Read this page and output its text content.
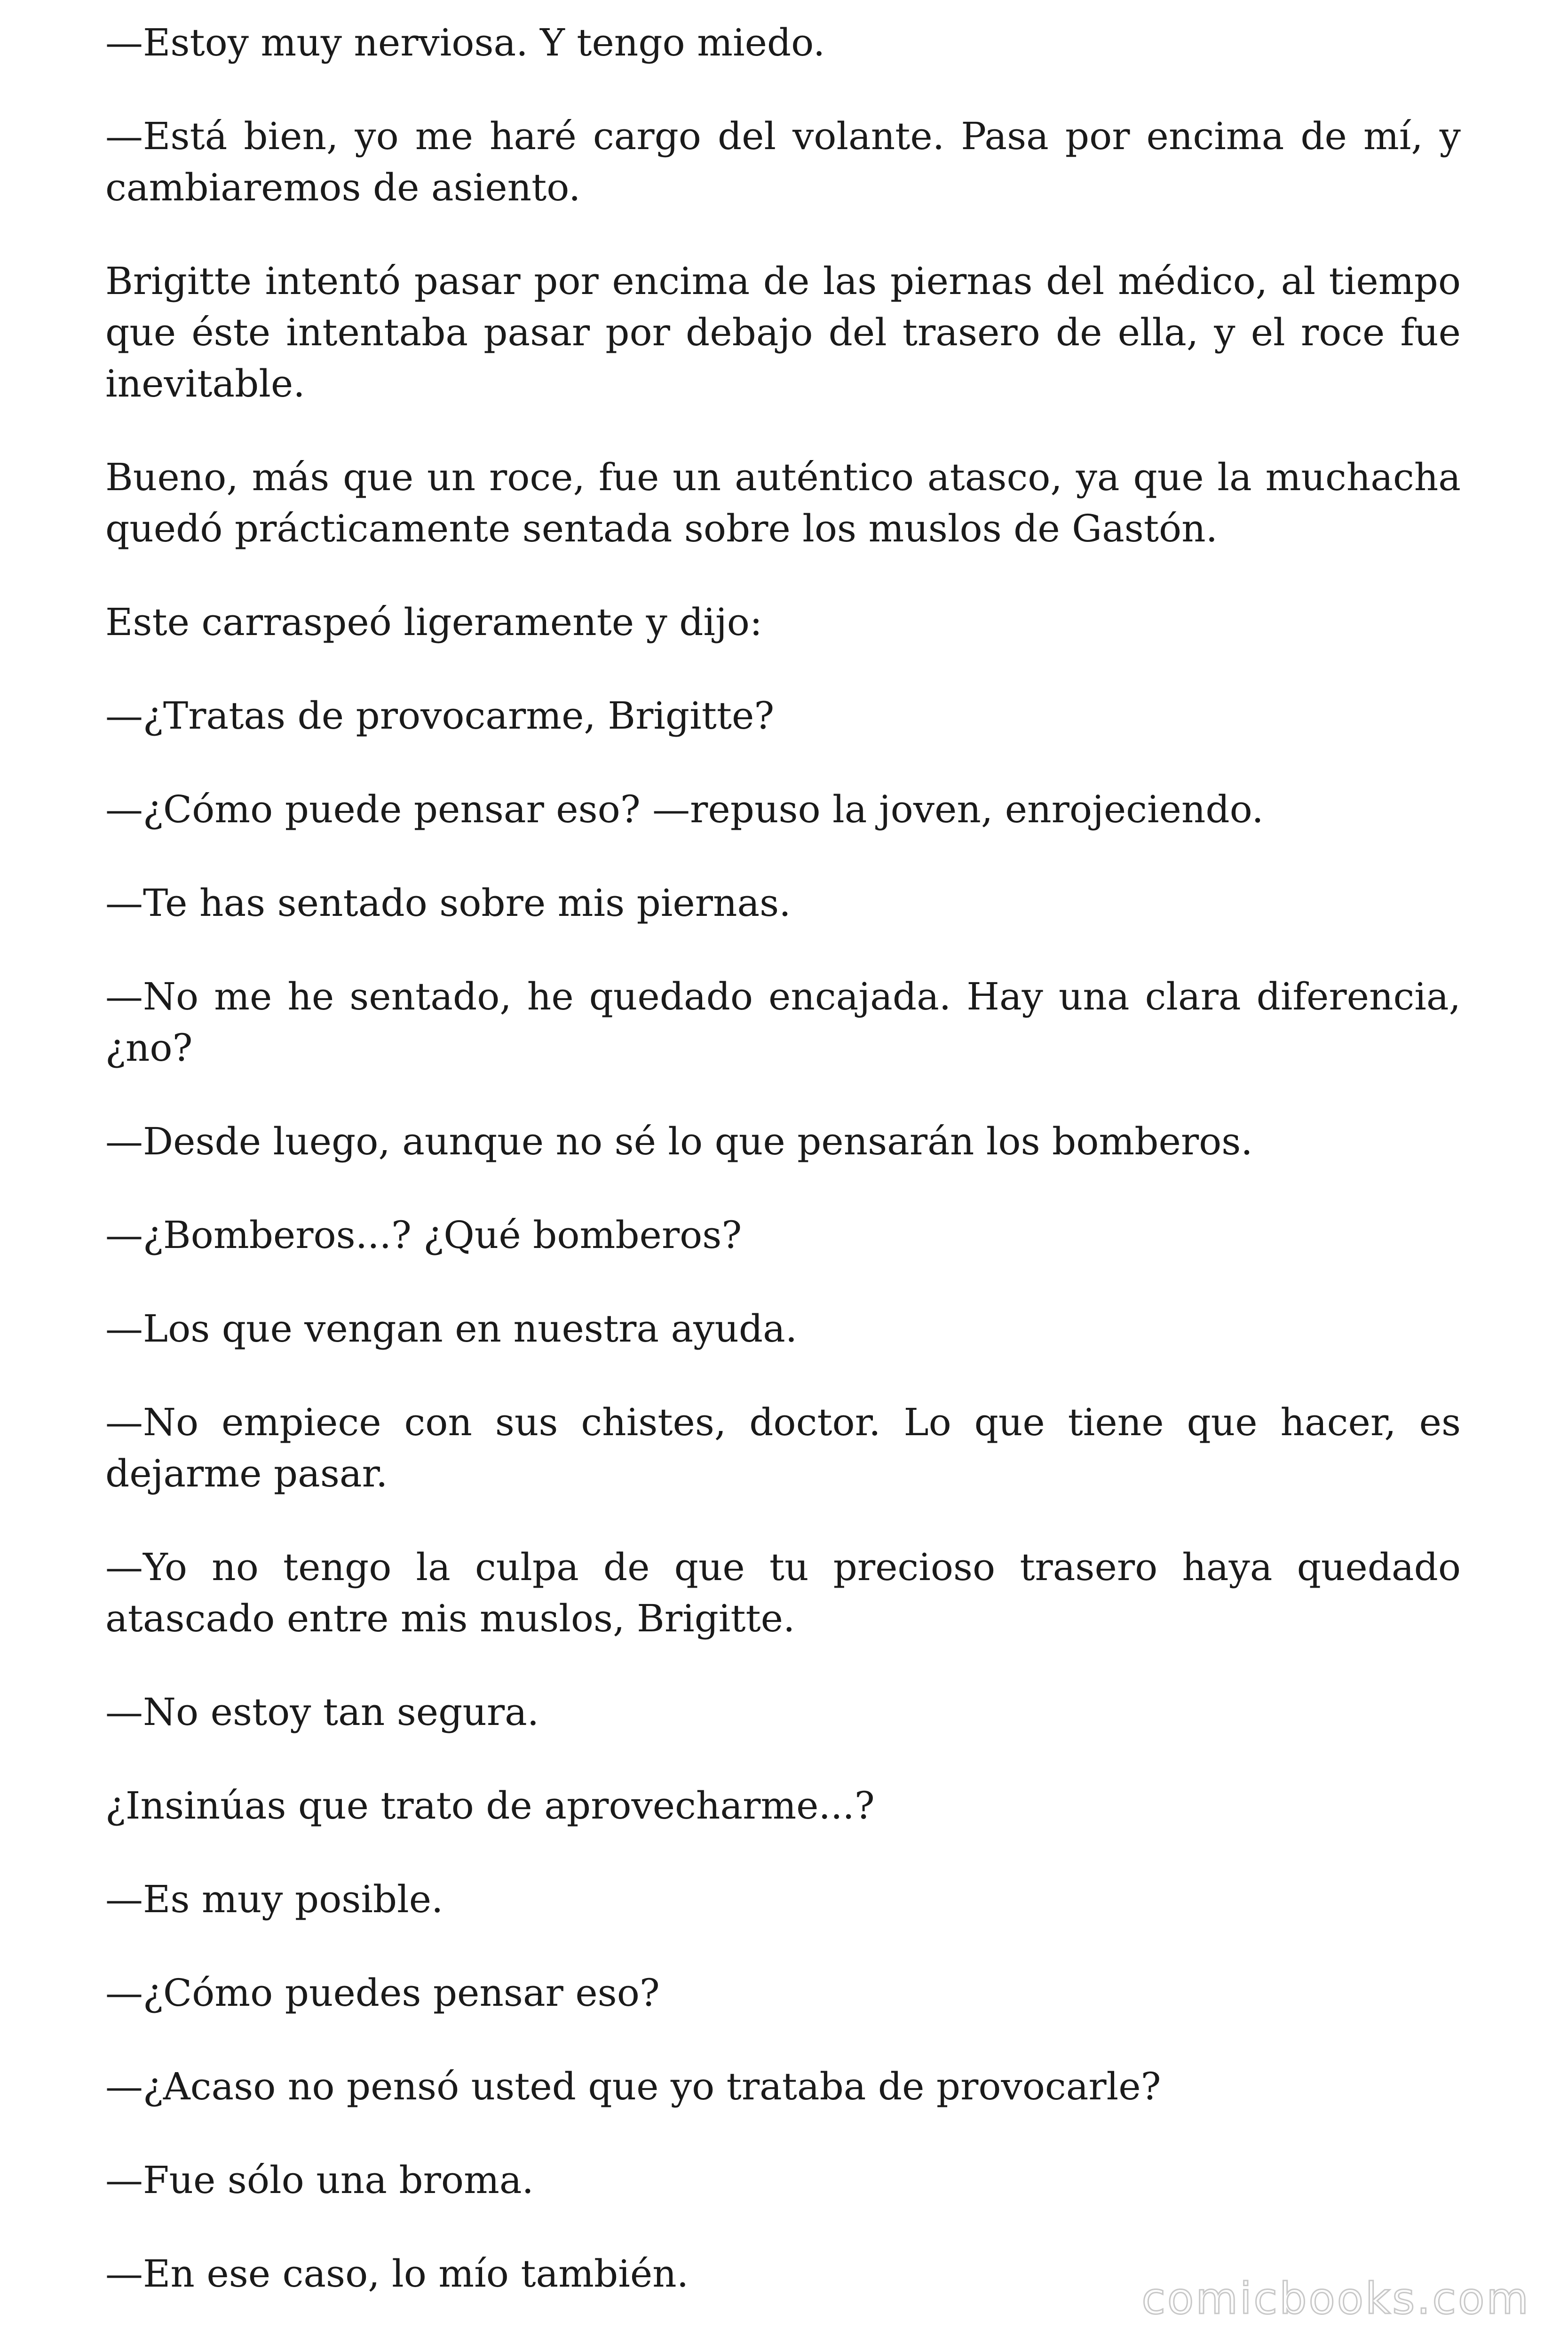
—Estoy muy nerviosa. Y tengo miedo.

—Está bien, yo me haré cargo del volante. Pasa por encima de mí, y cambiaremos de asiento.

Brigitte intentó pasar por encima de las piernas del médico, al tiempo que éste intentaba pasar por debajo del trasero de ella, y el roce fue inevitable.

Bueno, más que un roce, fue un auténtico atasco, ya que la muchacha quedó prácticamente sentada sobre los muslos de Gastón.

Este carraspeó ligeramente y dijo:

—¿Tratas de provocarme, Brigitte?

—¿Cómo puede pensar eso? —repuso la joven, enrojeciendo.

—Te has sentado sobre mis piernas.

—No me he sentado, he quedado encajada. Hay una clara diferencia, ¿no?

—Desde luego, aunque no sé lo que pensarán los bomberos.

—¿Bomberos...? ¿Qué bomberos?

—Los que vengan en nuestra ayuda.

—No empiece con sus chistes, doctor. Lo que tiene que hacer, es dejarme pasar.

—Yo no tengo la culpa de que tu precioso trasero haya quedado atascado entre mis muslos, Brigitte.

—No estoy tan segura.

¿Insinúas que trato de aprovecharme...?

—Es muy posible.

—¿Cómo puedes pensar eso?

—¿Acaso no pensó usted que yo trataba de provocarle?

—Fue sólo una broma.

—En ese caso, lo mío también.	comicbooks.com
